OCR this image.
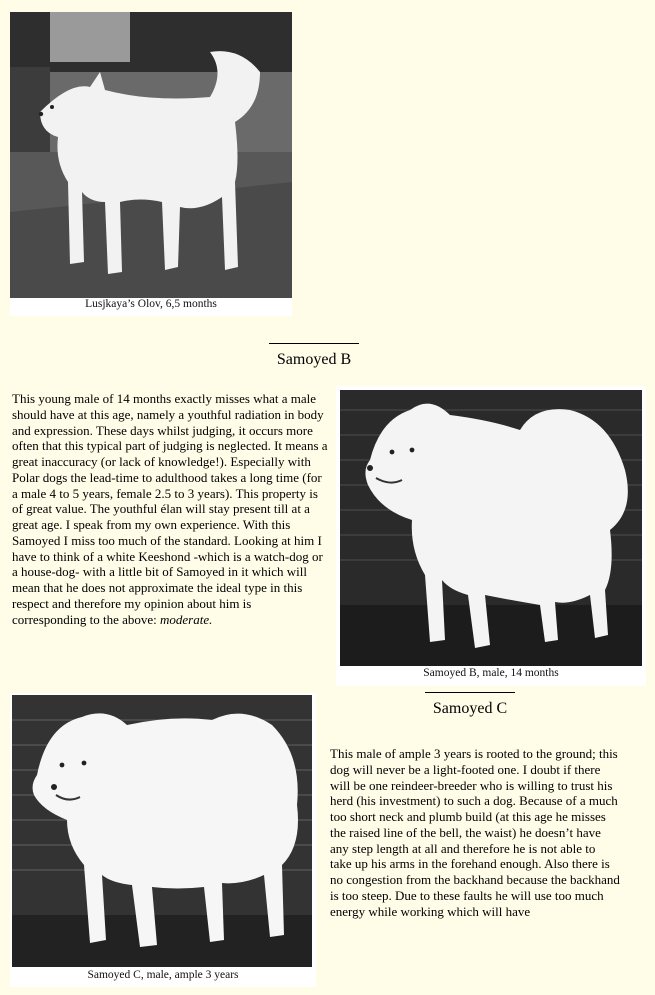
Lusjkaya’s Olov, 6,5 months
Samoyed B

This young male of 14 months exactly misses what a male should have at this age, namely a youthful radiation in body and expression. These days whilst judging, it occurs more often that this typical part of judging is neglected. It means a great inaccuracy (or lack of knowledge!). Especially with Polar dogs the lead-time to adulthood takes a long time (for a male 4 to 5 years, female 2.5 to 3 years). This property is of great value. The youthful élan will stay present till at a great age. I speak from my own experience. With this Samoyed I miss too much of the standard. Looking at him I have to think of a white Keeshond -which is a watch-dog or a house-dog- with a little bit of Samoyed in it which will mean that he does not approximate the ideal type in this respect and therefore my opinion about him is corresponding to the above: moderate.

Samoyed B, male, 14 months
Samoyed C, male, ample 3 years
Samoyed C

This male of ample 3 years is rooted to the ground; this dog will never be a light-footed one. I doubt if there will be one reindeer-breeder who is willing to trust his herd (his investment) to such a dog. Because of a much too short neck and plumb build (at this age he misses the raised line of the bell, the waist) he doesn’t have any step length at all and therefore he is not able to take up his arms in the forehand enough. Also there is no congestion from the backhand because the backhand is too steep. Due to these faults he will use too much energy while working which will have
